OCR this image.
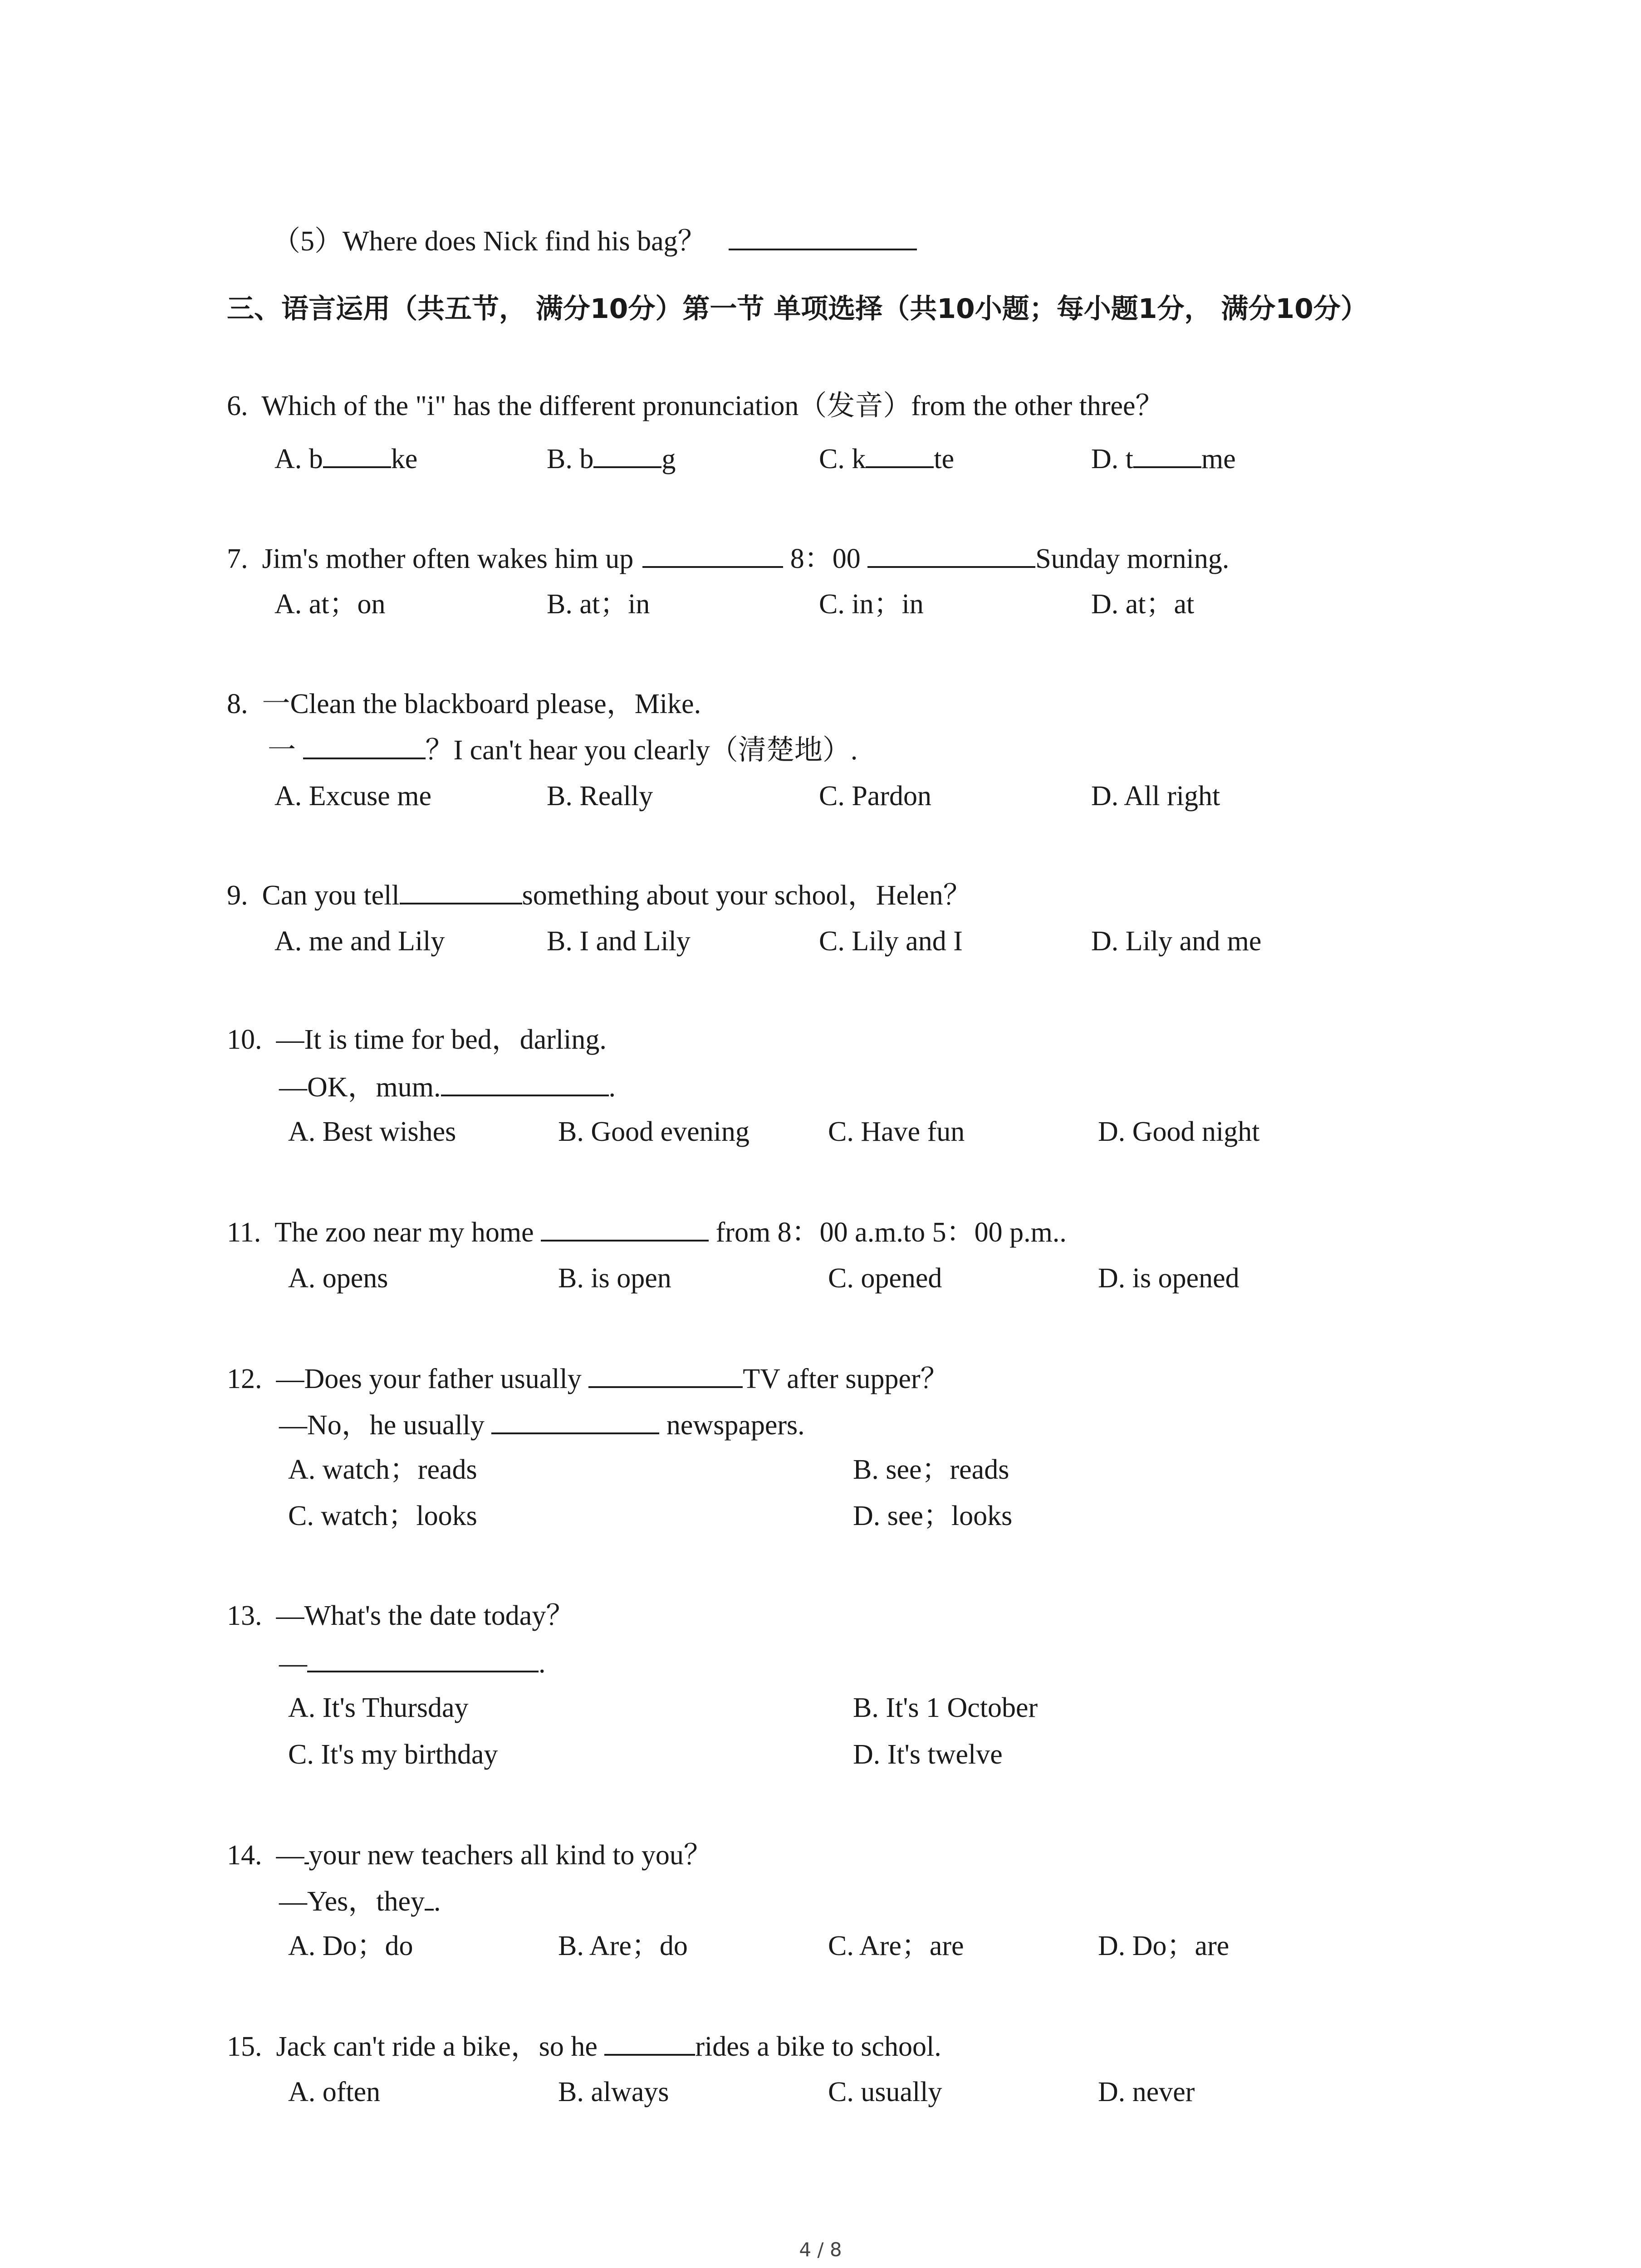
（5）Where does Nick find his bag？
三、语言运用（共五节， 满分10分）第一节 单项选择（共10小题；每小题1分， 满分10分）
6.  Which of the "i" has the different pronunciation（发音）from the other three？
A. b ke	B. b g	C. k te	D. t me
7.  Jim's mother often wakes him up	8：00	Sunday morning.
A. at；on	B. at；in	C. in；in	D. at；at
8.  一Clean the blackboard please，Mike.
一	？I can't hear you clearly（清楚地）.
A. Excuse me	B. Really	C. Pardon	D. All right
9.  Can you tell	something about your school，Helen？
A. me and Lily	B. I and Lily	C. Lily and I	D. Lily and me
10.  —It is time for bed，darling.
—OK，mum.	.
A. Best wishes	B. Good evening	C. Have fun	D. Good night
11.  The zoo near my home	from 8：00 a.m.to 5：00 p.m..
A. opens	B. is open	C. opened	D. is opened
12.  —Does your father usually	TV after supper？
—No，he usually	newspapers.
A. watch；reads	B. see；reads
C. watch；looks	D. see；looks
13.  —What's the date today？
—	.
A. It's Thursday	B. It's 1 October
C. It's my birthday	D. It's twelve
14.  — your new teachers all kind to you？
—Yes，they .
A. Do；do	B. Are；do	C. Are；are	D. Do；are
15.  Jack can't ride a bike，so he	rides a bike to school.
A. often	B. always	C. usually	D. never
4 / 8
